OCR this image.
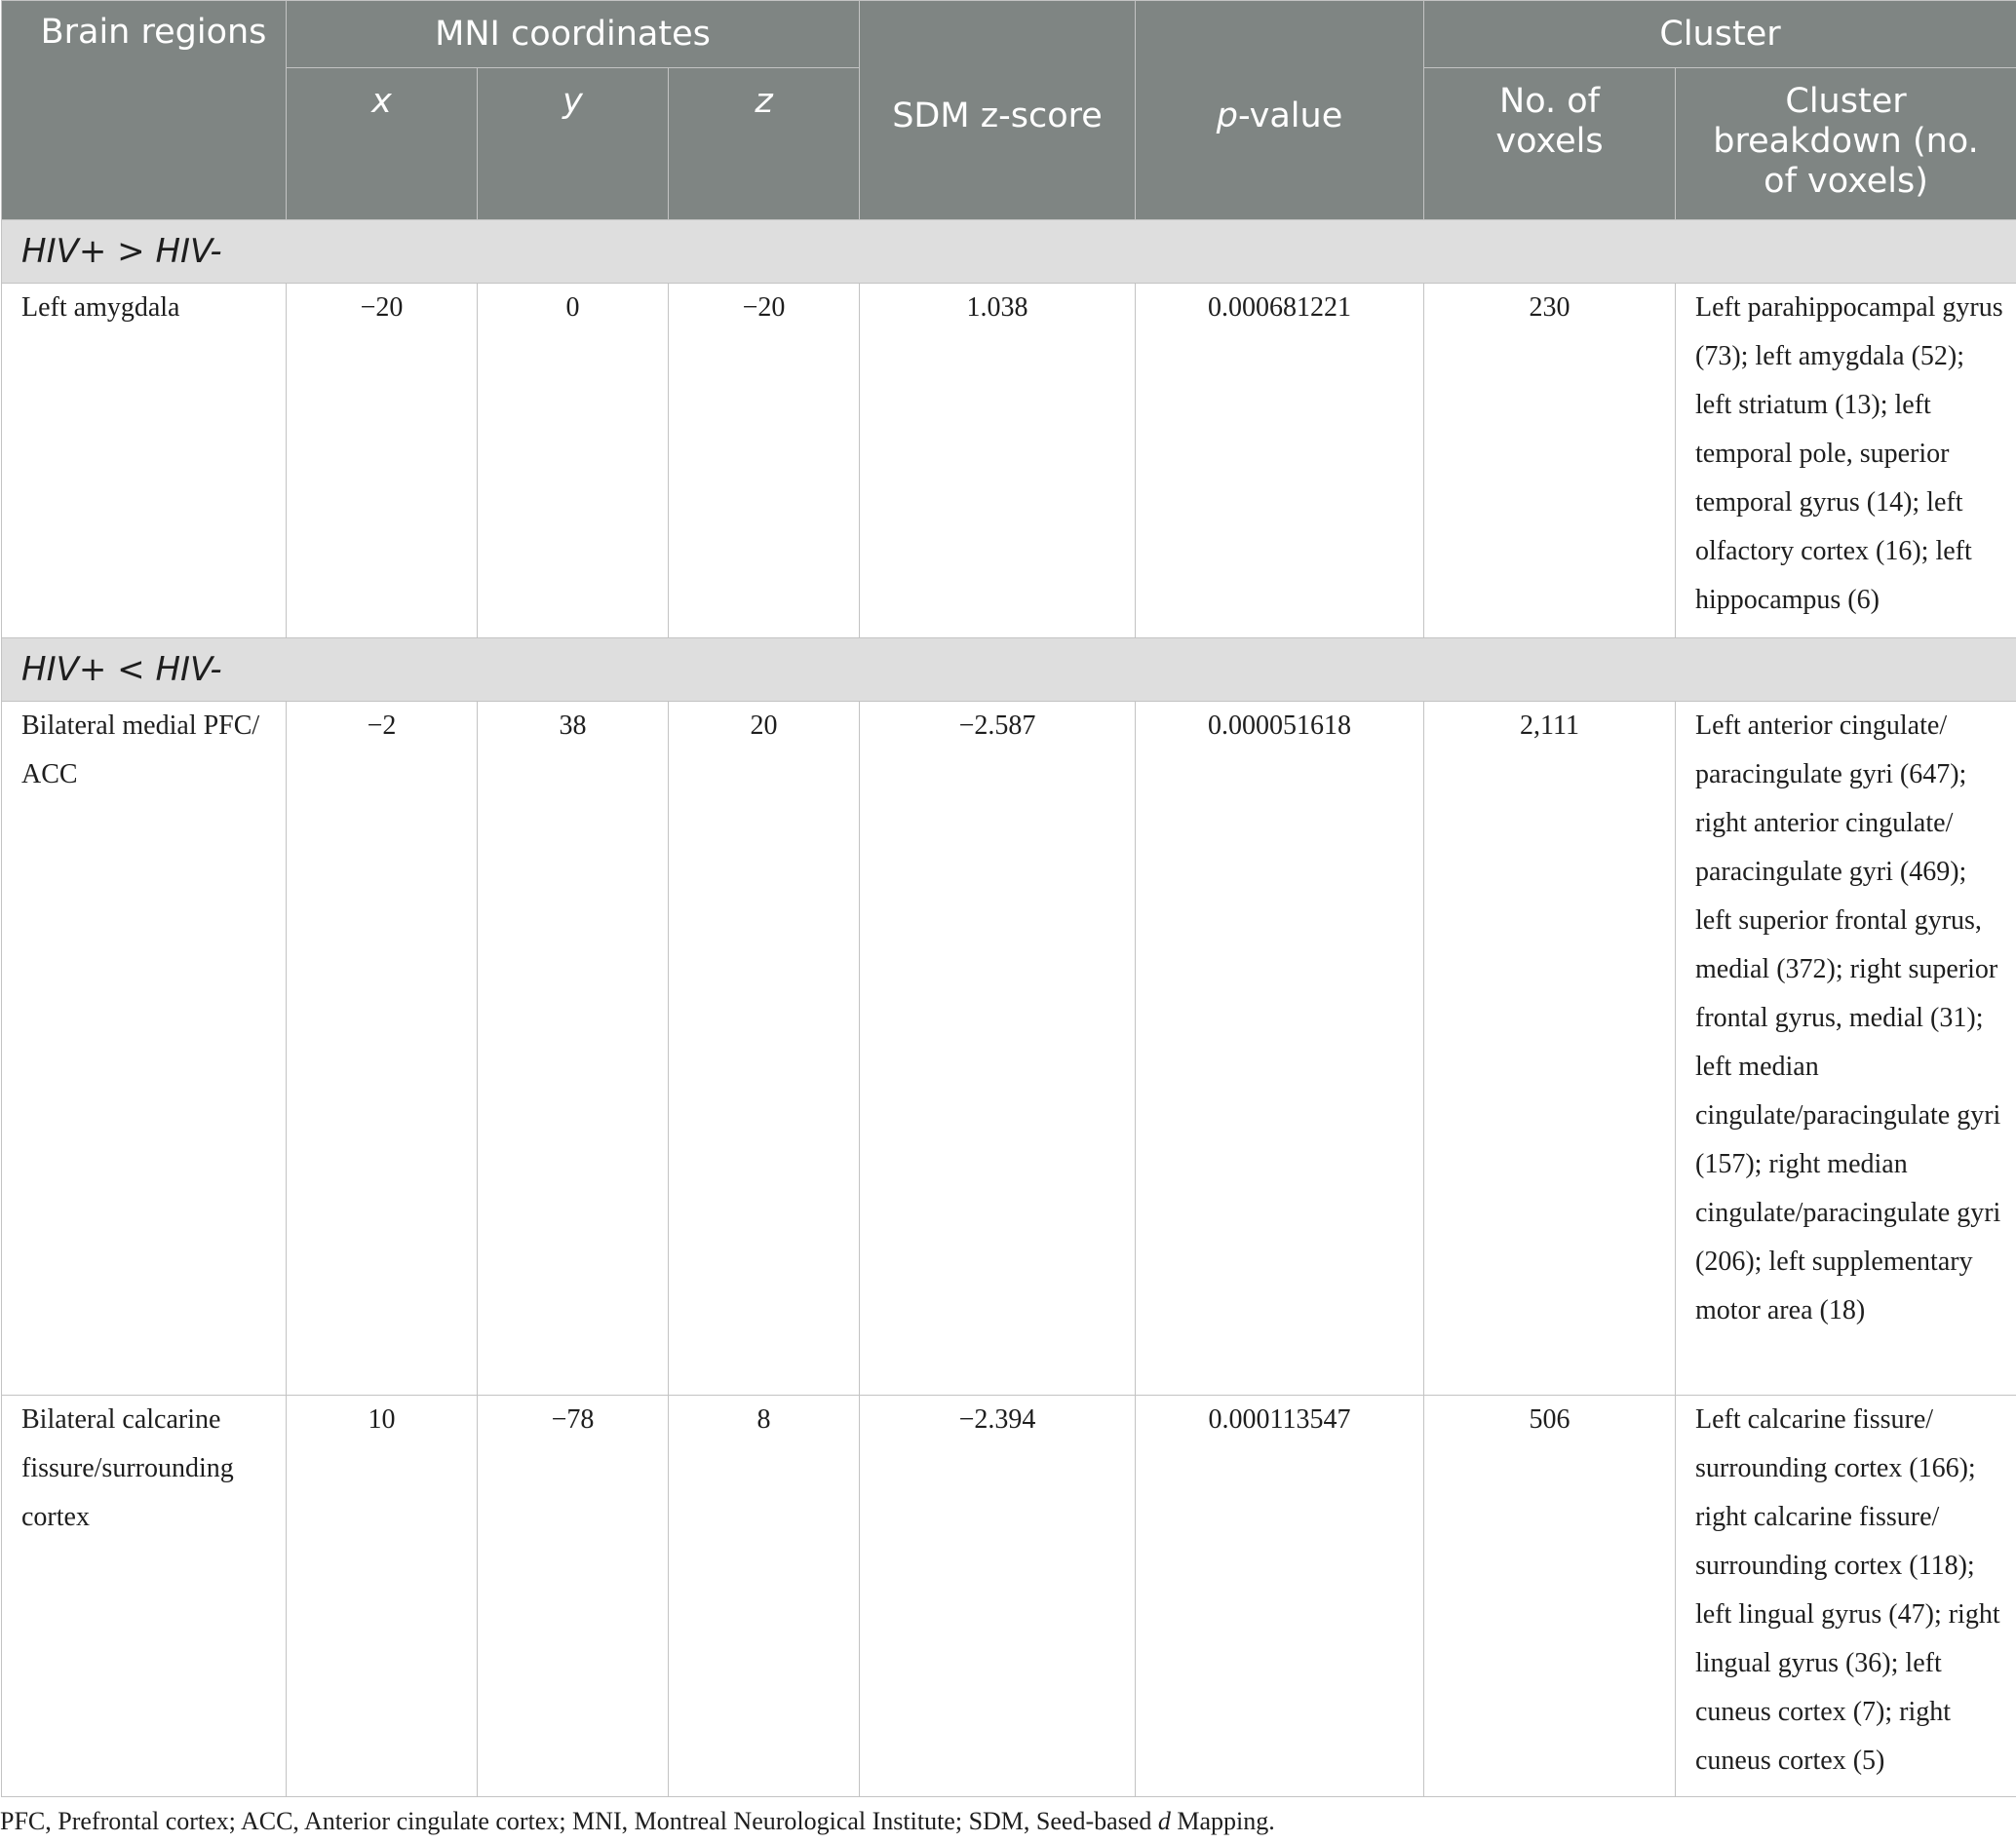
Brain regions	MNI coordinates			SDM z-score	p-value	Cluster	
	x	y	z			No. of voxels	Cluster breakdown (no. of voxels)
HIV+ > HIV-							
Left amygdala	−20	0	−20	1.038	0.000681221	230	Left parahippocampal gyrus (73); left amygdala (52); left striatum (13); left temporal pole, superior temporal gyrus (14); left olfactory cortex (16); left hippocampus (6)
HIV+ < HIV-							
Bilateral medial PFC/ ACC	−2	38	20	−2.587	0.000051618	2,111	Left anterior cingulate/ paracingulate gyri (647); right anterior cingulate/ paracingulate gyri (469); left superior frontal gyrus, medial (372); right superior frontal gyrus, medial (31); left median cingulate/paracingulate gyri (157); right median cingulate/paracingulate gyri (206); left supplementary motor area (18)
Bilateral calcarine fissure/surrounding cortex	10	−78	8	−2.394	0.000113547	506	Left calcarine fissure/ surrounding cortex (166); right calcarine fissure/ surrounding cortex (118); left lingual gyrus (47); right lingual gyrus (36); left cuneus cortex (7); right cuneus cortex (5)
PFC, Prefrontal cortex; ACC, Anterior cingulate cortex; MNI, Montreal Neurological Institute; SDM, Seed-based d Mapping.
